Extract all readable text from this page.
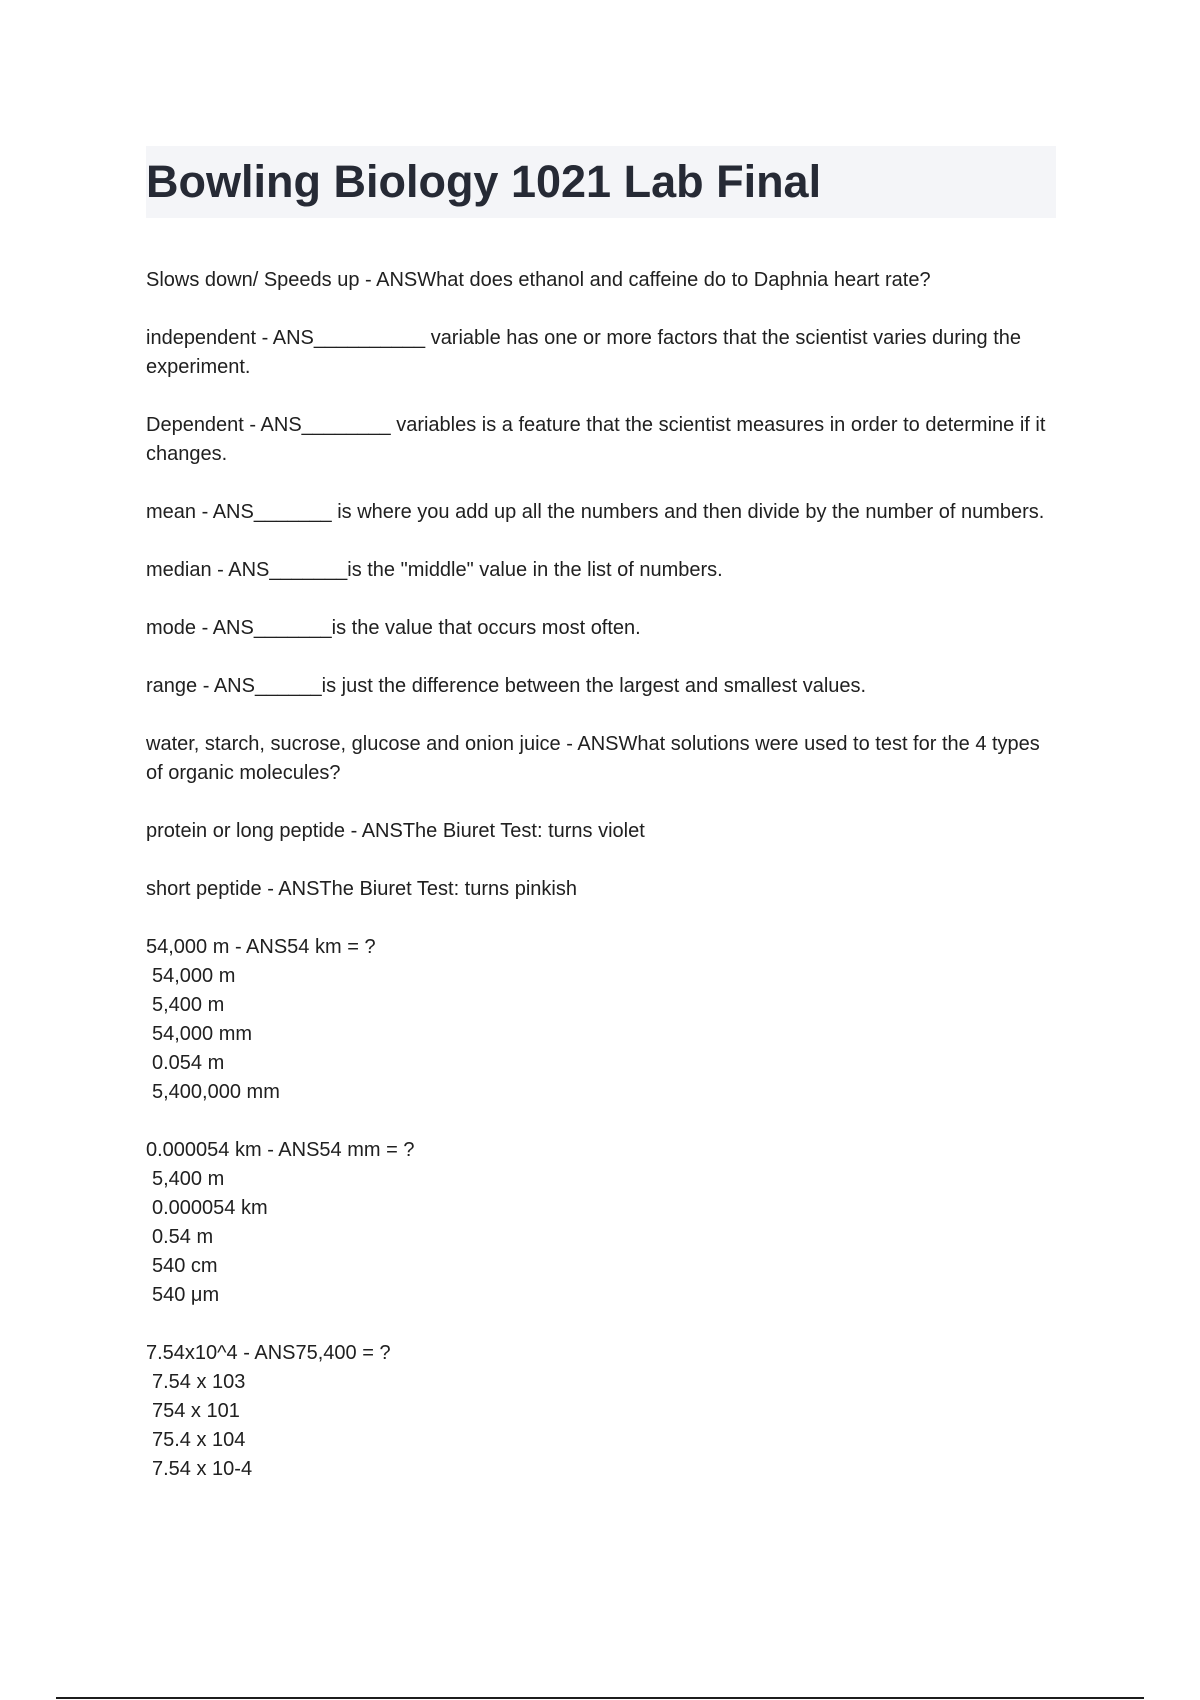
Bowling Biology 1021 Lab Final

Slows down/ Speeds up - ANSWhat does ethanol and caffeine do to Daphnia heart rate?

independent - ANS__________ variable has one or more factors that the scientist varies during the experiment.

Dependent - ANS________ variables is a feature that the scientist measures in order to determine if it changes.

mean - ANS_______ is where you add up all the numbers and then divide by the number of numbers.

median - ANS_______is the "middle" value in the list of numbers.

mode - ANS_______is the value that occurs most often.

range - ANS______is just the difference between the largest and smallest values.

water, starch, sucrose, glucose and onion juice - ANSWhat solutions were used to test for the 4 types of organic molecules?

protein or long peptide - ANSThe Biuret Test: turns violet

short peptide - ANSThe Biuret Test: turns pinkish

54,000 m - ANS54 km = ?

54,000 m
5,400 m
54,000 mm
0.054 m
5,400,000 mm

0.000054 km - ANS54 mm = ?

5,400 m
0.000054 km
0.54 m
540 cm
540 μm

7.54x10^4 - ANS75,400 = ?

7.54 x 103
754 x 101
75.4 x 104
7.54 x 10-4
